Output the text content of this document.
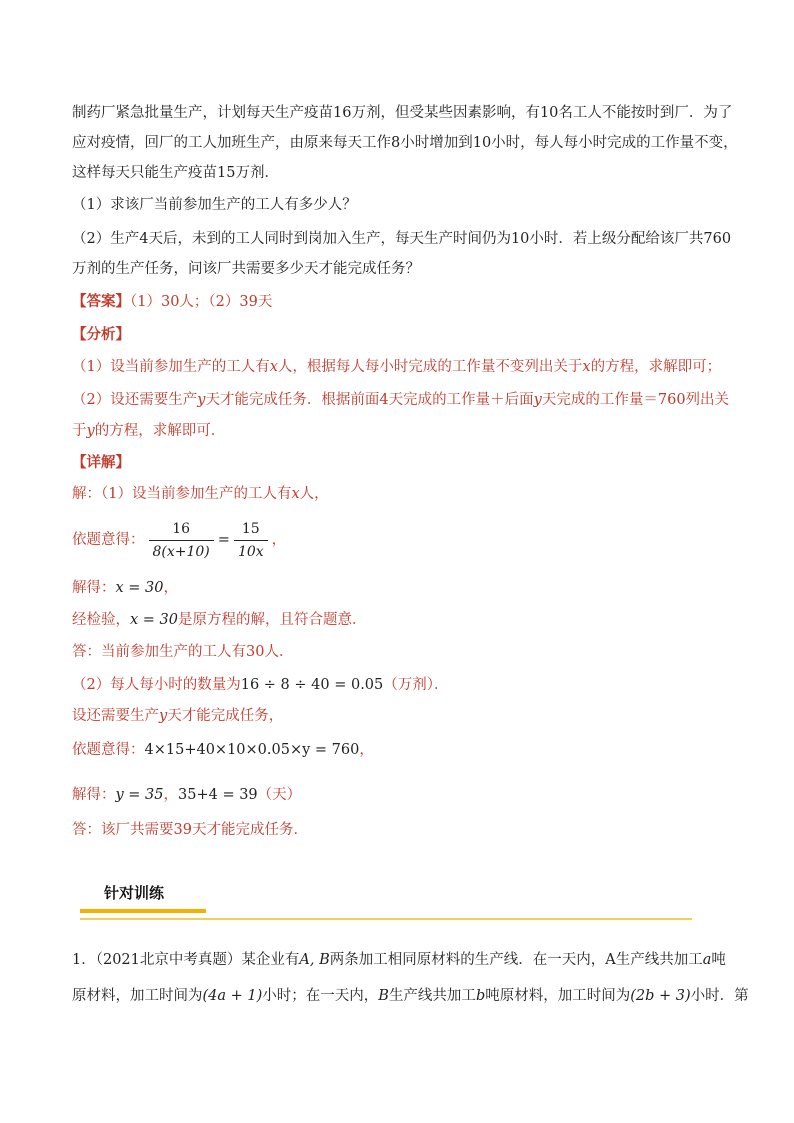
制药厂紧急批量生产，计划每天生产疫苗16万剂，但受某些因素影响，有10名工人不能按时到厂．为了
应对疫情，回厂的工人加班生产，由原来每天工作8小时增加到10小时，每人每小时完成的工作量不变，
这样每天只能生产疫苗15万剂．
（1）求该厂当前参加生产的工人有多少人？
（2）生产4天后，未到的工人同时到岗加入生产，每天生产时间仍为10小时．若上级分配给该厂共760
万剂的生产任务，问该厂共需要多少天才能完成任务？
【答案】（1）30人；（2）39天
【分析】
（1）设当前参加生产的工人有x人，根据每人每小时完成的工作量不变列出关于x的方程，求解即可；
（2）设还需要生产y天才能完成任务．根据前面4天完成的工作量＋后面y天完成的工作量＝760列出关
于y的方程，求解即可．
【详解】
解：（1）设当前参加生产的工人有x人，
依题意得： $\frac{16}{8(x+10)} = \frac{15}{10x}$ ，
解得：x = 30，
经检验，x = 30是原方程的解，且符合题意．
答：当前参加生产的工人有30人．
（2）每人每小时的数量为16 ÷ 8 ÷ 40 = 0.05（万剂）．
设还需要生产y天才能完成任务，
依题意得：4×15+40×10×0.05×y = 760，
解得：y = 35，35+4 = 39（天）
答：该厂共需要39天才能完成任务．
针对训练
1．（2021北京中考真题）某企业有A, B两条加工相同原材料的生产线．在一天内，A生产线共加工a吨
原材料，加工时间为(4a + 1)小时；在一天内，B生产线共加工b吨原材料，加工时间为(2b + 3)小时．第
